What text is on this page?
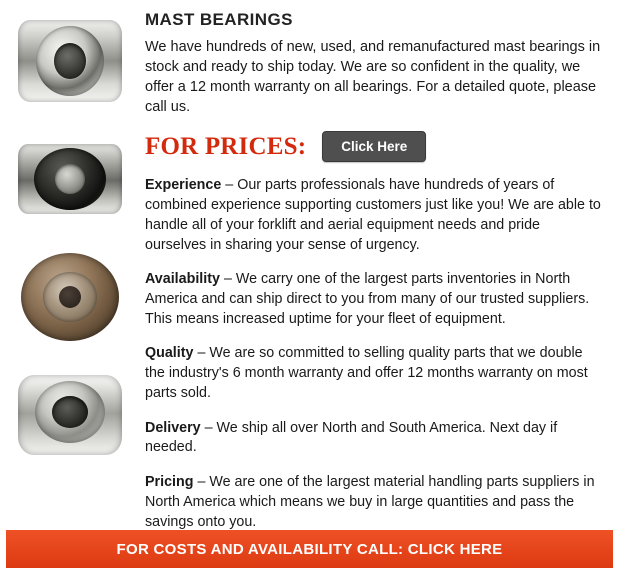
MAST BEARINGS

We have hundreds of new, used, and remanufactured mast bearings in stock and ready to ship today. We are so confident in the quality, we offer a 12 month warranty on all bearings. For a detailed quote, please call us.

FOR PRICES:	Click Here

Experience – Our parts professionals have hundreds of years of combined experience supporting customers just like you! We are able to handle all of your forklift and aerial equipment needs and pride ourselves in sharing your sense of urgency.

Availability – We carry one of the largest parts inventories in North America and can ship direct to you from many of our trusted suppliers. This means increased uptime for your fleet of equipment.

Quality – We are so committed to selling quality parts that we double the industry's 6 month warranty and offer 12 months warranty on most parts sold.

Delivery – We ship all over North and South America. Next day if needed.

Pricing – We are one of the largest material handling parts suppliers in North America which means we buy in large quantities and pass the savings onto you.

FOR COSTS AND AVAILABILITY CALL: CLICK HERE
